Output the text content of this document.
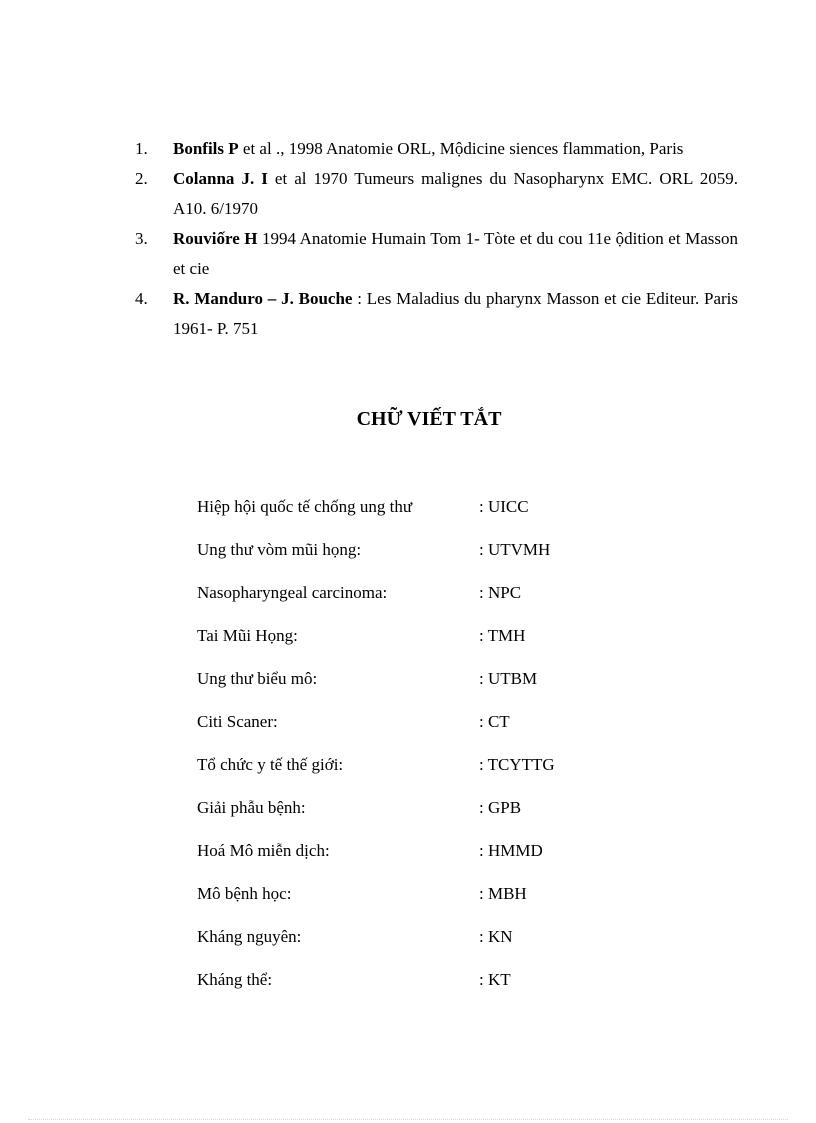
1. Bonfils P et al ., 1998 Anatomie ORL, Mộdicine siences flammation, Paris
2. Colanna J. I et al 1970 Tumeurs malignes du Nasopharynx EMC. ORL 2059. A10. 6/1970
3. Rouviốre H 1994 Anatomie Humain Tom 1- Tòte et du cou 11e ộdition et Masson et cie
4. R. Manduro – J. Bouche : Les Maladius du pharynx Masson et cie Editeur. Paris 1961- P. 751
CHỮ VIẾT TẮT
Hiệp hội quốc tế chống ung thư	: UICC
Ung thư vòm mũi họng:	: UTVMH
Nasopharyngeal carcinoma:	: NPC
Tai Mũi Họng:	: TMH
Ung thư biểu mô:	: UTBM
Citi Scaner:	: CT
Tổ chức y tế thế giới:	: TCYTTG
Giải phẫu bệnh:	: GPB
Hoá Mô miễn dịch:	: HMMD
Mô bệnh học:	: MBH
Kháng nguyên:	: KN
Kháng thể:	: KT
